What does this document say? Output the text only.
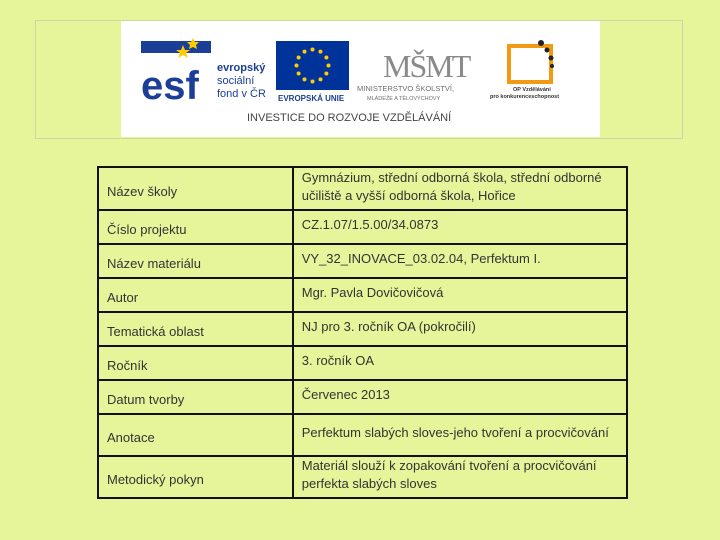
esf evropský
sociální
fond v ČR EVROPSKÁ UNIE
MŠMT
MINISTERSTVO ŠKOLSTVÍ,
MLÁDEŽE A TĚLOVÝCHOVY
OP Vzdělávání
pro konkurenceschopnost
INVESTICE DO ROZVOJE VZDĚLÁVÁNÍ
Název školy	Gymnázium, střední odborná škola, střední odborné učiliště a vyšší odborná škola, Hořice
Číslo projektu	CZ.1.07/1.5.00/34.0873
Název materiálu	VY_32_INOVACE_03.02.04, Perfektum I.
Autor	Mgr. Pavla Dovičovičová
Tematická oblast	NJ pro 3. ročník OA (pokročilí)
Ročník	3. ročník OA
Datum tvorby	Červenec 2013
Anotace	Perfektum slabých sloves-jeho tvoření a procvičování
Metodický pokyn	Materiál slouží k zopakování tvoření a procvičování perfekta slabých sloves
